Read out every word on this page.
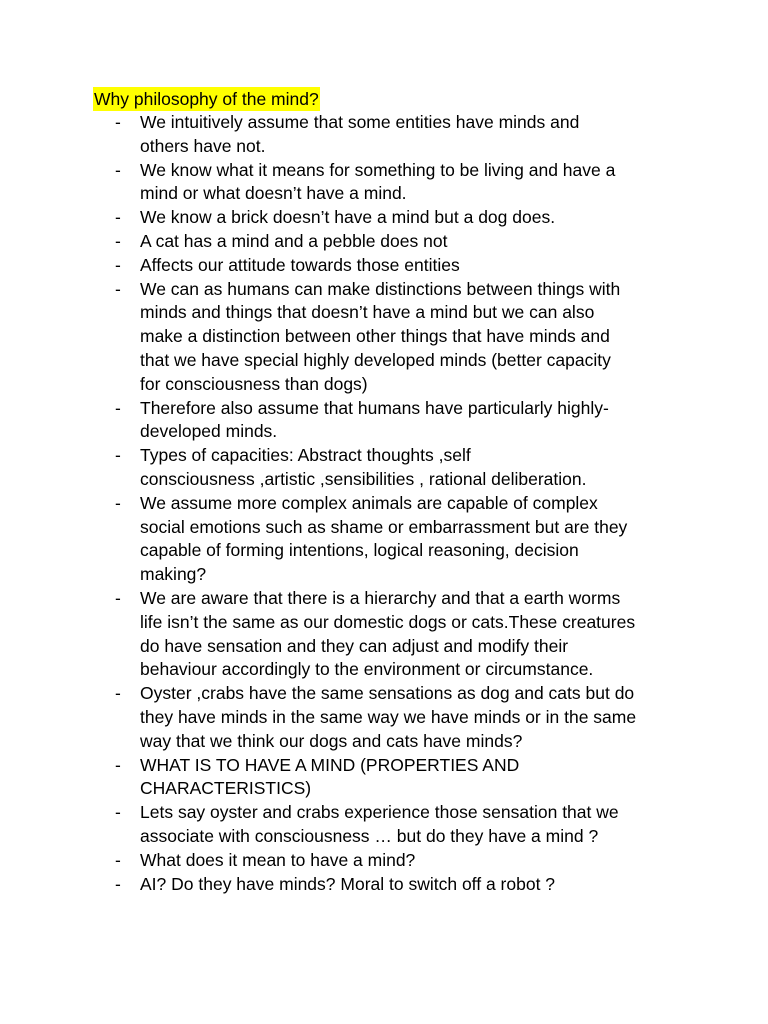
Why philosophy of the mind?
- We intuitively assume that some entities have minds and
others have not.
- We know what it means for something to be living and have a
mind or what doesn’t have a mind.
- We know a brick doesn’t have a mind but a dog does.
- A cat has a mind and a pebble does not
- Affects our attitude towards those entities
- We can as humans can make distinctions between things with
minds and things that doesn’t have a mind but we can also
make a distinction between other things that have minds and
that we have special highly developed minds (better capacity
for consciousness than dogs)
- Therefore also assume that humans have particularly highly-
developed minds.
- Types of capacities: Abstract thoughts ,self
consciousness ,artistic ,sensibilities , rational deliberation.
- We assume more complex animals are capable of complex
social emotions such as shame or embarrassment but are they
capable of forming intentions, logical reasoning, decision
making?
- We are aware that there is a hierarchy and that a earth worms
life isn’t the same as our domestic dogs or cats.These creatures
do have sensation and they can adjust and modify their
behaviour accordingly to the environment or circumstance.
- Oyster ,crabs have the same sensations as dog and cats but do
they have minds in the same way we have minds or in the same
way that we think our dogs and cats have minds?
- WHAT IS TO HAVE A MIND (PROPERTIES AND
CHARACTERISTICS)
- Lets say oyster and crabs experience those sensation that we
associate with consciousness … but do they have a mind ?
- What does it mean to have a mind?
- AI? Do they have minds? Moral to switch off a robot ?
